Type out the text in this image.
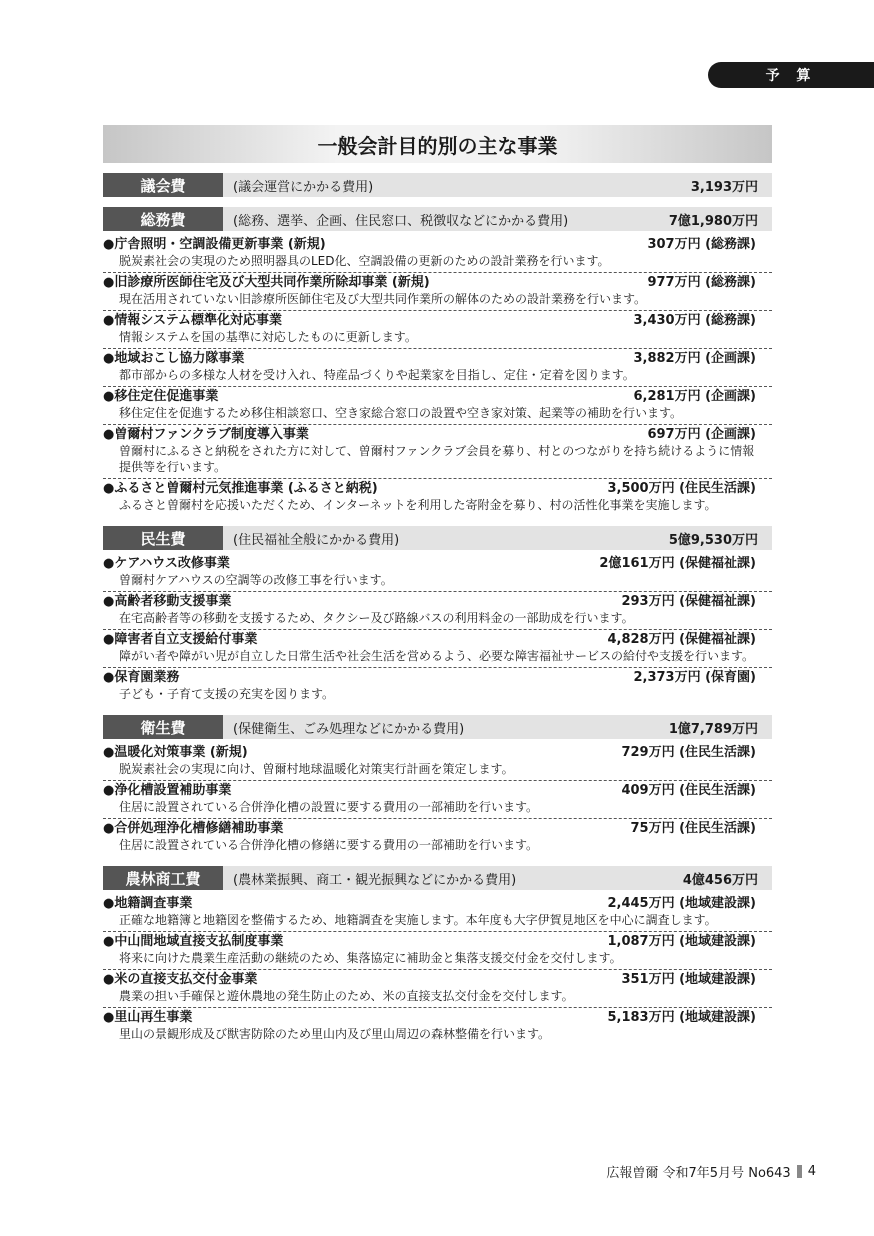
予 算
一般会計目的別の主な事業
議会費	(議会運営にかかる費用)	3,193万円
総務費	(総務、選挙、企画、住民窓口、税徴収などにかかる費用)	7億1,980万円
● 庁舎照明・空調設備更新事業 (新規)	307万円 (総務課)
脱炭素社会の実現のため照明器具のLED化、空調設備の更新のための設計業務を行います。
● 旧診療所医師住宅及び大型共同作業所除却事業 (新規)	977万円 (総務課)
現在活用されていない旧診療所医師住宅及び大型共同作業所の解体のための設計業務を行います。
● 情報システム標準化対応事業	3,430万円 (総務課)
情報システムを国の基準に対応したものに更新します。
● 地域おこし協力隊事業	3,882万円 (企画課)
都市部からの多様な人材を受け入れ、特産品づくりや起業家を目指し、定住・定着を図ります。
● 移住定住促進事業	6,281万円 (企画課)
移住定住を促進するため移住相談窓口、空き家総合窓口の設置や空き家対策、起業等の補助を行います。
● 曽爾村ファンクラブ制度導入事業	697万円 (企画課)
曽爾村にふるさと納税をされた方に対して、曽爾村ファンクラブ会員を募り、村とのつながりを持ち続けるように情報提供等を行います。
● ふるさと曽爾村元気推進事業 (ふるさと納税)	3,500万円 (住民生活課)
ふるさと曽爾村を応援いただくため、インターネットを利用した寄附金を募り、村の活性化事業を実施します。
民生費	(住民福祉全般にかかる費用)	5億9,530万円
● ケアハウス改修事業	2億161万円 (保健福祉課)
曽爾村ケアハウスの空調等の改修工事を行います。
● 高齢者移動支援事業	293万円 (保健福祉課)
在宅高齢者等の移動を支援するため、タクシー及び路線バスの利用料金の一部助成を行います。
● 障害者自立支援給付事業	4,828万円 (保健福祉課)
障がい者や障がい児が自立した日常生活や社会生活を営めるよう、必要な障害福祉サービスの給付や支援を行います。
● 保育園業務	2,373万円 (保育園)
子ども・子育て支援の充実を図ります。
衛生費	(保健衛生、ごみ処理などにかかる費用)	1億7,789万円
● 温暖化対策事業 (新規)	729万円 (住民生活課)
脱炭素社会の実現に向け、曽爾村地球温暖化対策実行計画を策定します。
● 浄化槽設置補助事業	409万円 (住民生活課)
住居に設置されている合併浄化槽の設置に要する費用の一部補助を行います。
● 合併処理浄化槽修繕補助事業	75万円 (住民生活課)
住居に設置されている合併浄化槽の修繕に要する費用の一部補助を行います。
農林商工費	(農林業振興、商工・観光振興などにかかる費用)	4億456万円
● 地籍調査事業	2,445万円 (地域建設課)
正確な地籍簿と地籍図を整備するため、地籍調査を実施します。本年度も大字伊賀見地区を中心に調査します。
● 中山間地域直接支払制度事業	1,087万円 (地域建設課)
将来に向けた農業生産活動の継続のため、集落協定に補助金と集落支援交付金を交付します。
● 米の直接支払交付金事業	351万円 (地域建設課)
農業の担い手確保と遊休農地の発生防止のため、米の直接支払交付金を交付します。
● 里山再生事業	5,183万円 (地域建設課)
里山の景観形成及び獣害防除のため里山内及び里山周辺の森林整備を行います。
広報曽爾 令和7年5月号 No643 4
